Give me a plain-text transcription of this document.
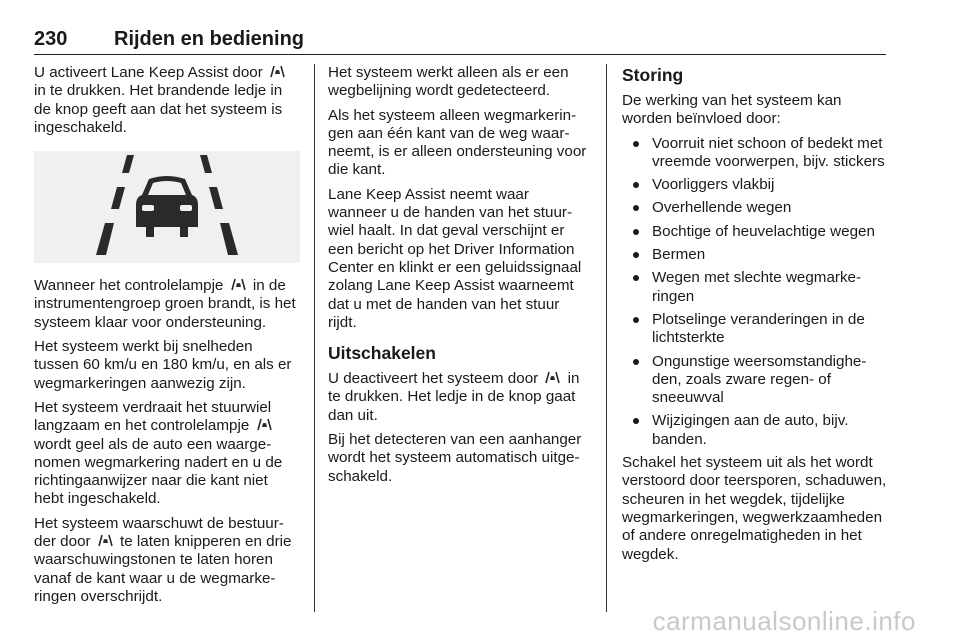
230 Rijden en bediening

U activeert Lane Keep Assist door  in te drukken. Het brandende ledje in de knop geeft aan dat het systeem is ingeschakeld.

Wanneer het controlelampje in de instrumentengroep groen brandt, is het systeem klaar voor ondersteuning.

Het systeem werkt bij snelheden tussen 60 km/u en 180 km/u, en als er wegmarkeringen aanwezig zijn.

Het systeem verdraait het stuurwiel langzaam en het controlelampje  wordt geel als de auto een waargenomen wegmarkering nadert en u de richtingaanwijzer naar die kant niet hebt ingeschakeld.

Het systeem waarschuwt de bestuurder door te laten knipperen en drie waarschuwingstonen te laten horen vanaf de kant waar u de wegmarkeringen overschrijdt.

Het systeem werkt alleen als er een wegbelijning wordt gedetecteerd.

Als het systeem alleen wegmarkeringen aan één kant van de weg waarneemt, is er alleen ondersteuning voor die kant.

Lane Keep Assist neemt waar wanneer u de handen van het stuurwiel haalt. In dat geval verschijnt er een bericht op het Driver Information Center en klinkt er een geluidssignaal zolang Lane Keep Assist waarneemt dat u met de handen van het stuur rijdt.

Uitschakelen

U deactiveert het systeem door in te drukken. Het ledje in de knop gaat dan uit.

Bij het detecteren van een aanhanger wordt het systeem automatisch uitgeschakeld.

Storing

De werking van het systeem kan worden beïnvloed door:

Voorruit niet schoon of bedekt met vreemde voorwerpen, bijv. stickers
Voorliggers vlakbij
Overhellende wegen
Bochtige of heuvelachtige wegen
Bermen
Wegen met slechte wegmarkeringen
Plotselinge veranderingen in de lichtsterkte
Ongunstige weersomstandigheden, zoals zware regen- of sneeuwval
Wijzigingen aan de auto, bijv. banden.

Schakel het systeem uit als het wordt verstoord door teersporen, schaduwen, scheuren in het wegdek, tijdelijke wegmarkeringen, wegwerkzaamheden of andere onregelmatigheden in het wegdek.

carmanualsonline.info
